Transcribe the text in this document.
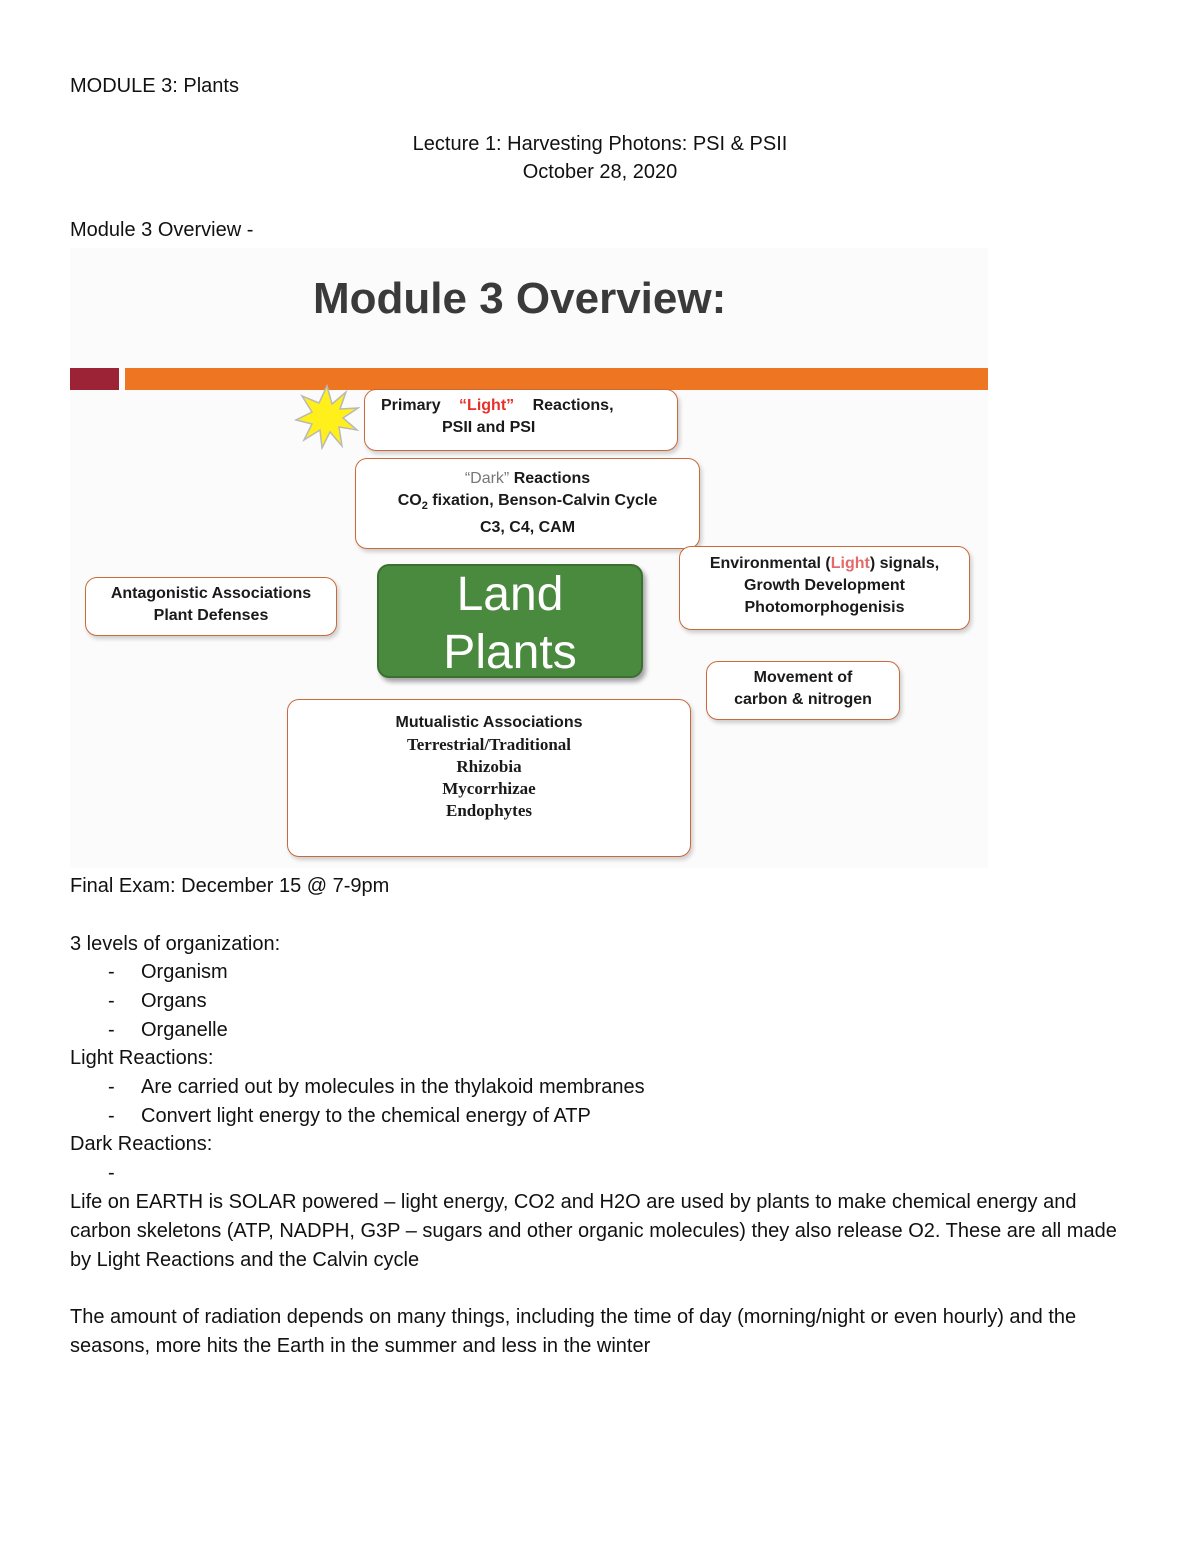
MODULE 3: Plants
Lecture 1: Harvesting Photons: PSI & PSII
October 28, 2020
Module 3 Overview -
Module 3 Overview:
Primary “Light” Reactions,
PSII and PSI
“Dark” Reactions
$CO_2$ fixation, Benson-Calvin Cycle
C3, C4, CAM
Environmental (Light) signals,
Growth Development
Photomorphogenisis
Antagonistic Associations
Plant Defenses	Land
Plants	Movement of
carbon & nitrogen
Mutualistic Associations
Terrestrial/Traditional
Rhizobia
Mycorrhizae
Endophytes
Final Exam: December 15 @ 7-9pm
3 levels of organization:
- Organism
- Organs
- Organelle
Light Reactions:
- Are carried out by molecules in the thylakoid membranes
- Convert light energy to the chemical energy of ATP
Dark Reactions:
-
Life on EARTH is SOLAR powered – light energy, CO2 and H2O are used by plants to make chemical energy and carbon skeletons (ATP, NADPH, G3P – sugars and other organic molecules) they also release O2. These are all made by Light Reactions and the Calvin cycle
The amount of radiation depends on many things, including the time of day (morning/night or even hourly) and the seasons, more hits the Earth in the summer and less in the winter
